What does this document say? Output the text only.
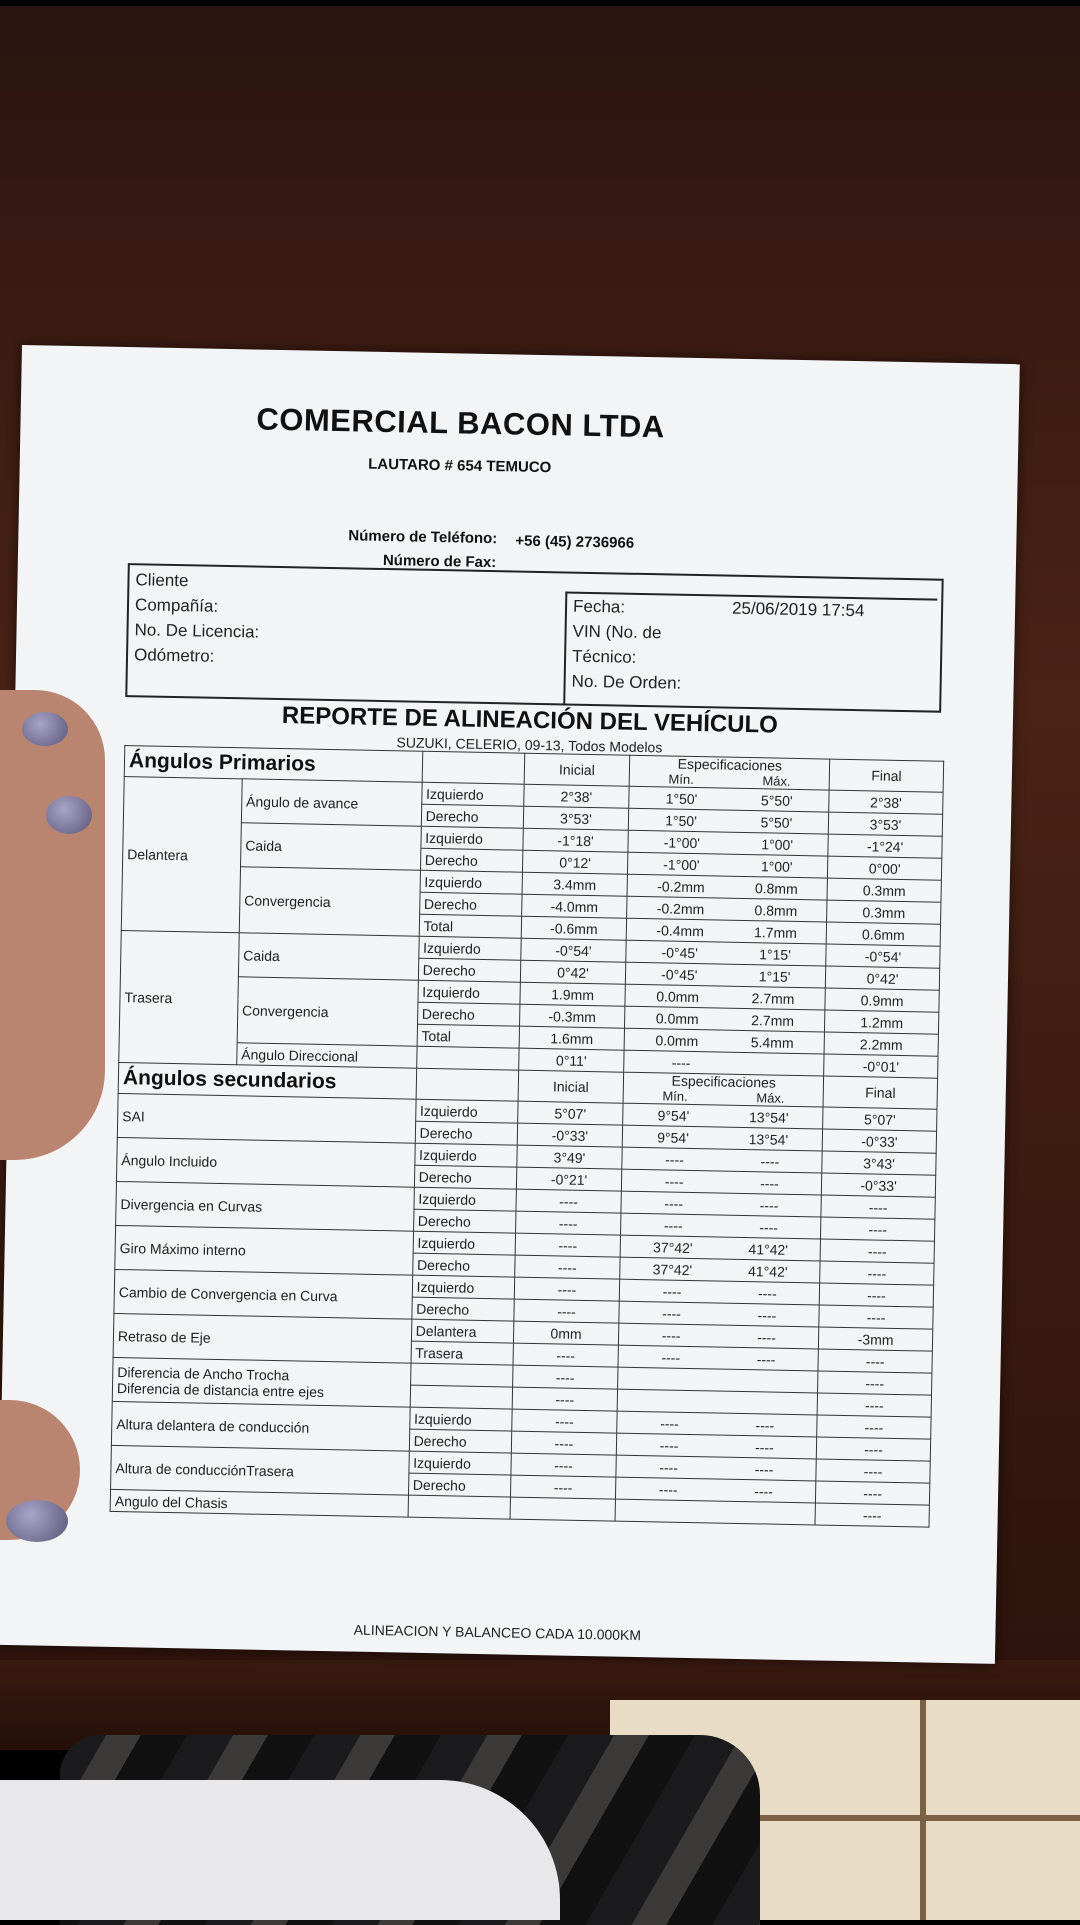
COMERCIAL BACON LTDA
LAUTARO # 654 TEMUCO
Número de Teléfono: +56 (45) 2736966
Número de Fax:
Cliente
Compañía:
No. De Licencia:
Odómetro:
Fecha:	25/06/2019 17:54
VIN (No. de
Técnico:
No. De Orden:
REPORTE DE ALINEACIÓN DEL VEHÍCULO
SUZUKI, CELERIO, 09-13, Todos Modelos
Ángulos Primarios			Inicial	Especificaciones
Mín. Máx.	Final
Delantera	Ángulo de avance	Izquierdo	2°38'	1°50' 5°50'	2°38'
		Derecho	3°53'	1°50' 5°50'	3°53'
	Caida	Izquierdo	-1°18'	-1°00' 1°00'	-1°24'
		Derecho	0°12'	-1°00' 1°00'	0°00'
	Convergencia	Izquierdo	3.4mm	-0.2mm 0.8mm	0.3mm
		Derecho	-4.0mm	-0.2mm 0.8mm	0.3mm
		Total	-0.6mm	-0.4mm 1.7mm	0.6mm
Trasera	Caida	Izquierdo	-0°54'	-0°45' 1°15'	-0°54'
		Derecho	0°42'	-0°45' 1°15'	0°42'
	Convergencia	Izquierdo	1.9mm	0.0mm 2.7mm	0.9mm
		Derecho	-0.3mm	0.0mm 2.7mm	1.2mm
		Total	1.6mm	0.0mm 5.4mm	2.2mm
	Ángulo Direccional		0°11'	----	-0°01'
Ángulos secundarios			Inicial	Especificaciones
Mín. Máx.	Final

SAI		Izquierdo	5°07'	9°54' 13°54'	5°07'
		Derecho	-0°33'	9°54' 13°54'	-0°33'

Ángulo Incluido		Izquierdo	3°49'	---- ----	3°43'
		Derecho	-0°21'	---- ----	-0°33'

Divergencia en Curvas		Izquierdo	----	---- ----	----
		Derecho	----	---- ----	----

Giro Máximo interno		Izquierdo	----	37°42' 41°42'	----
		Derecho	----	37°42' 41°42'	----

Cambio de Convergencia en Curva		Izquierdo	----	---- ----	----
		Derecho	----	---- ----	----

Retraso de Eje		Delantera	0mm	---- ----	-3mm
		Trasera	----	---- ----	----

Diferencia de Ancho Trocha
Diferencia de distancia entre ejes			----		----
			----		----

Altura delantera de conducción		Izquierdo	----	---- ----	----
		Derecho	----	---- ----	----

Altura de conducciónTrasera		Izquierdo	----	---- ----	----
		Derecho	----	---- ----	----

Angulo del Chasis					----
ALINEACION Y BALANCEO CADA 10.000KM
